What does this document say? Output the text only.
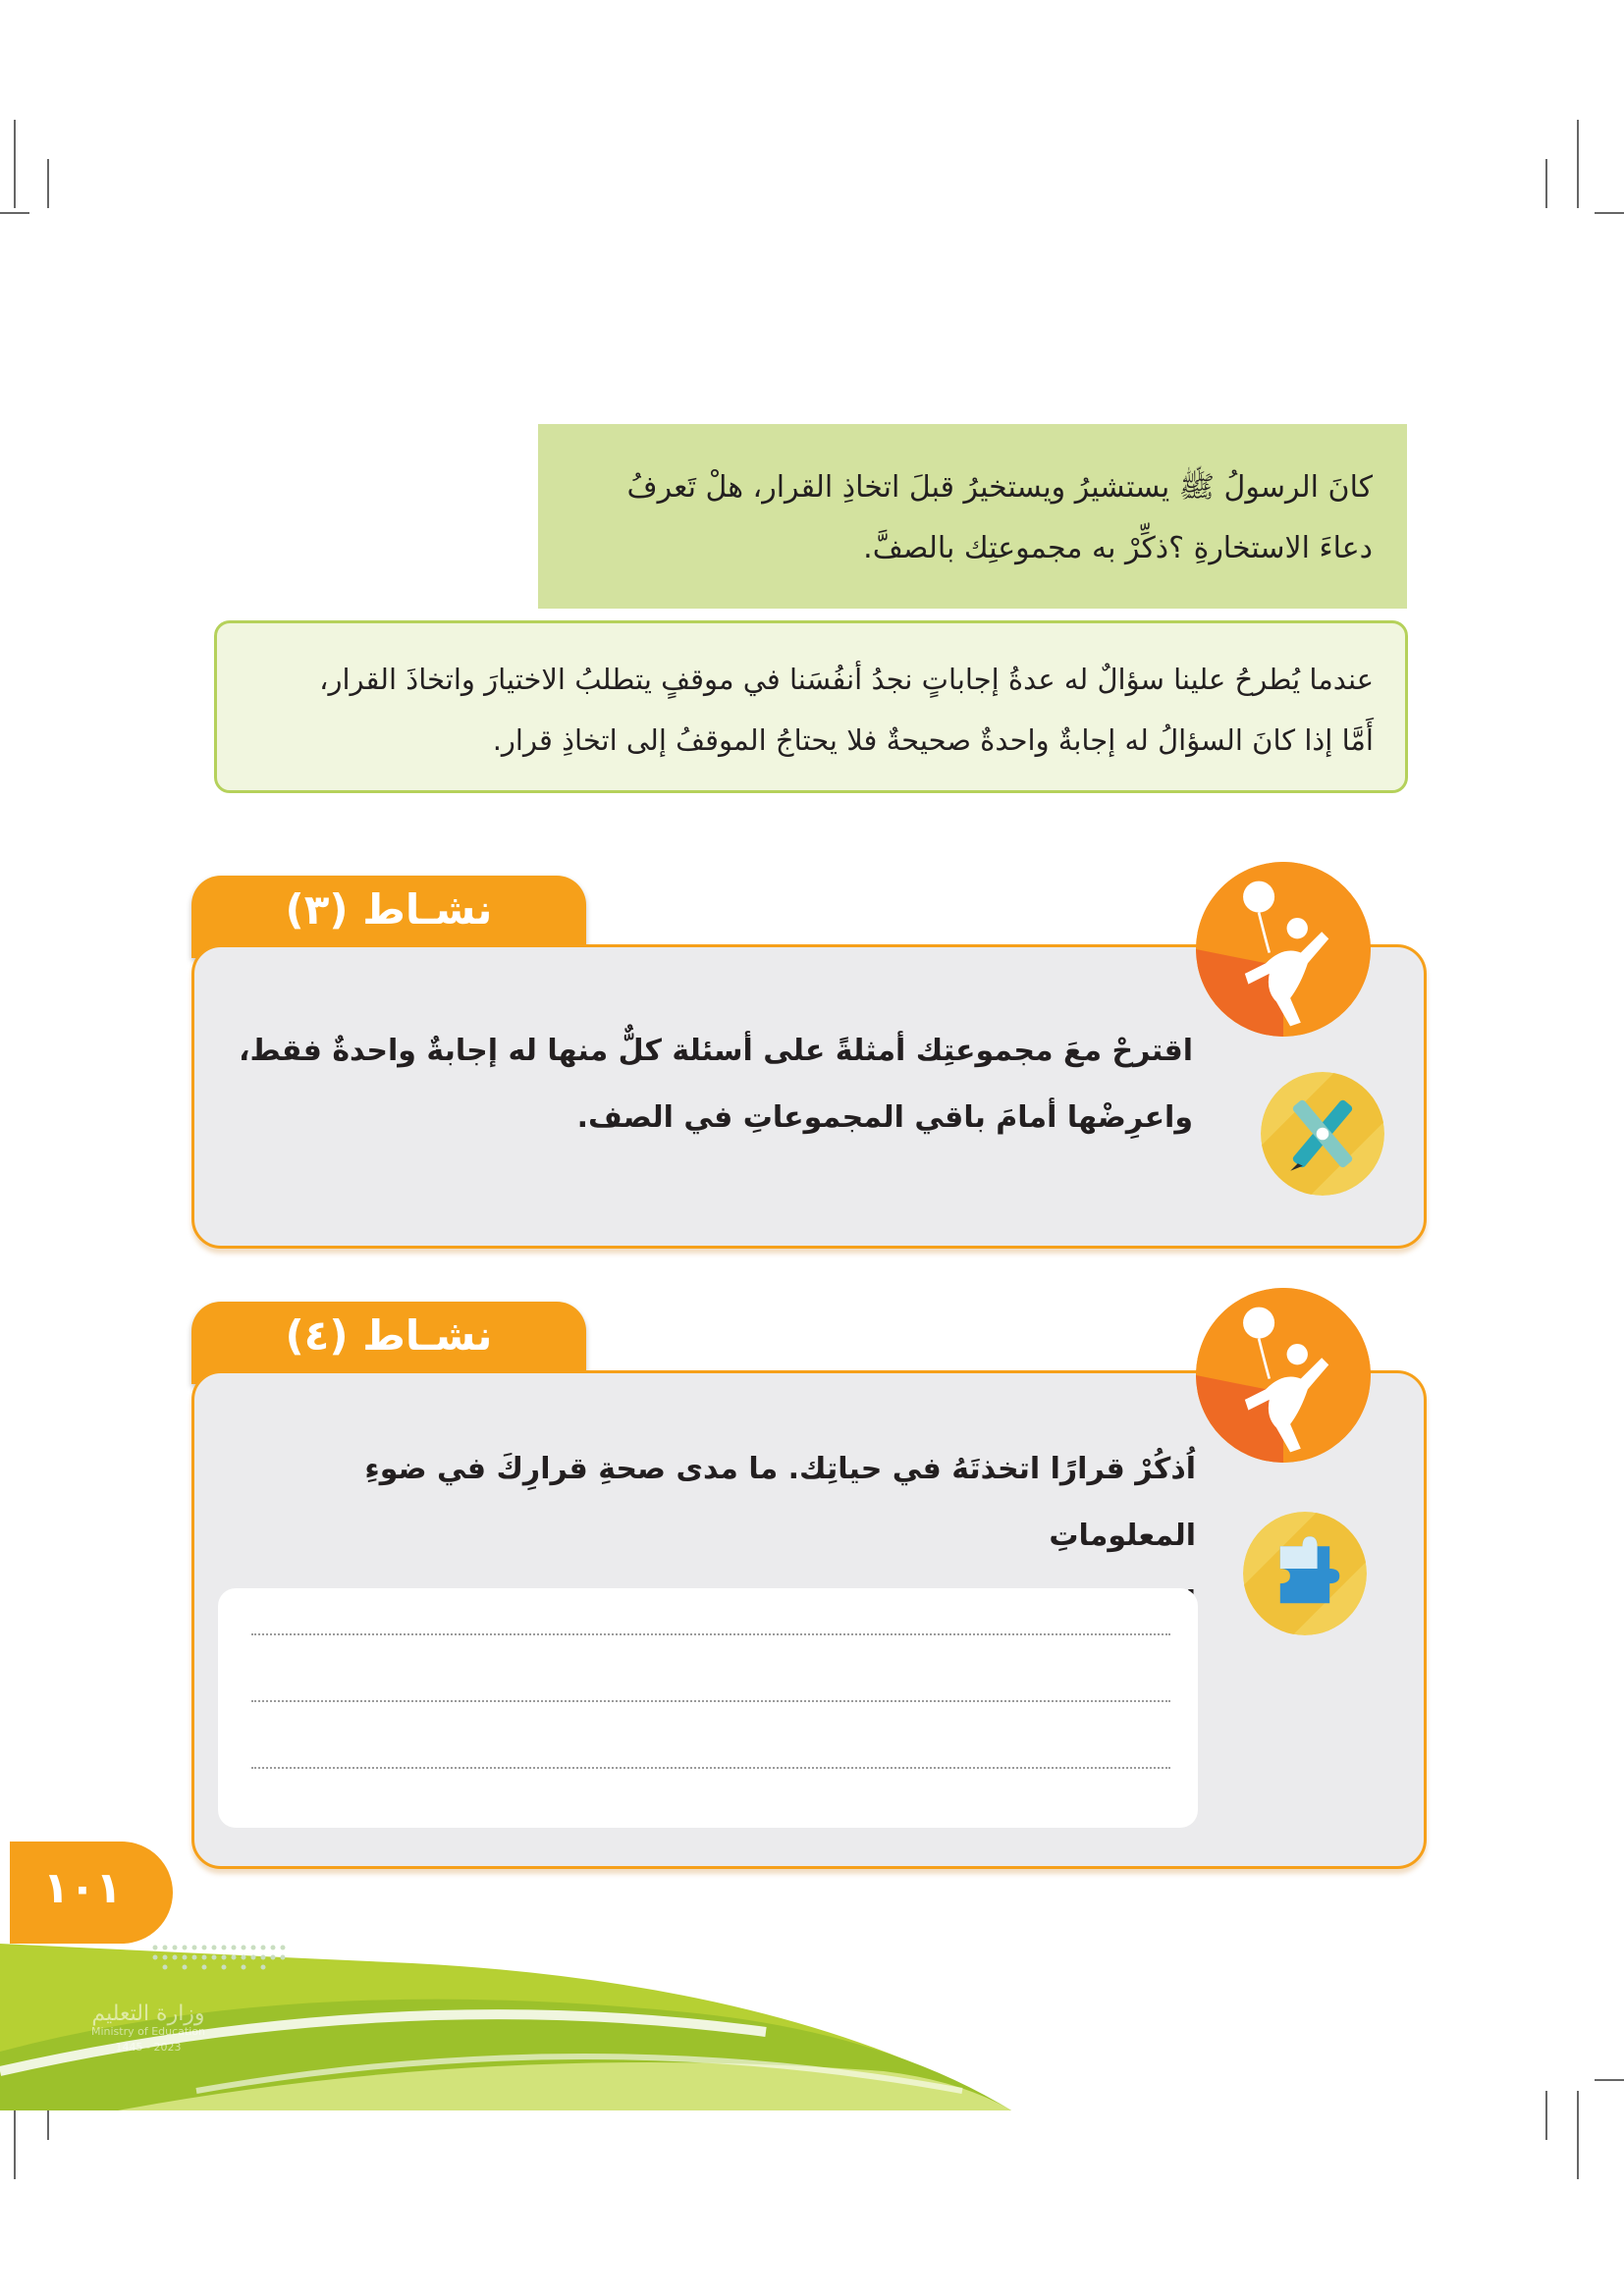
كانَ الرسولُ ﷺ يستشيرُ ويستخيرُ قبلَ اتخاذِ القرار، هلْ تَعرفُ
دعاءَ الاستخارةِ ؟ذكِّرْ به مجموعتِك بالصفَّ.
عندما يُطرحُ علينا سؤالٌ له عدةُ إجاباتٍ نجدُ أنفُسَنا في موقفٍ يتطلبُ الاختيارَ واتخاذَ القرار،
أَمَّا إذا كانَ السؤالُ له إجابةٌ واحدةٌ صحيحةٌ فلا يحتاجُ الموقفُ إلى اتخاذِ قرار.
نشـاط (٣)
اقترحْ معَ مجموعتِك أمثلةً على أسئلة كلٌّ منها له إجابةٌ واحدةٌ فقط،
واعرِضْها أمامَ باقي المجموعاتِ في الصف.
نشـاط (٤)
اُذكُرْ قرارًا اتخذتَهُ في حياتِك. ما مدى صحةِ قرارِكَ في ضوءِ المعلوماتِ
١٠١
وزارة التعليم
Ministry of Education
2023 - 1445
